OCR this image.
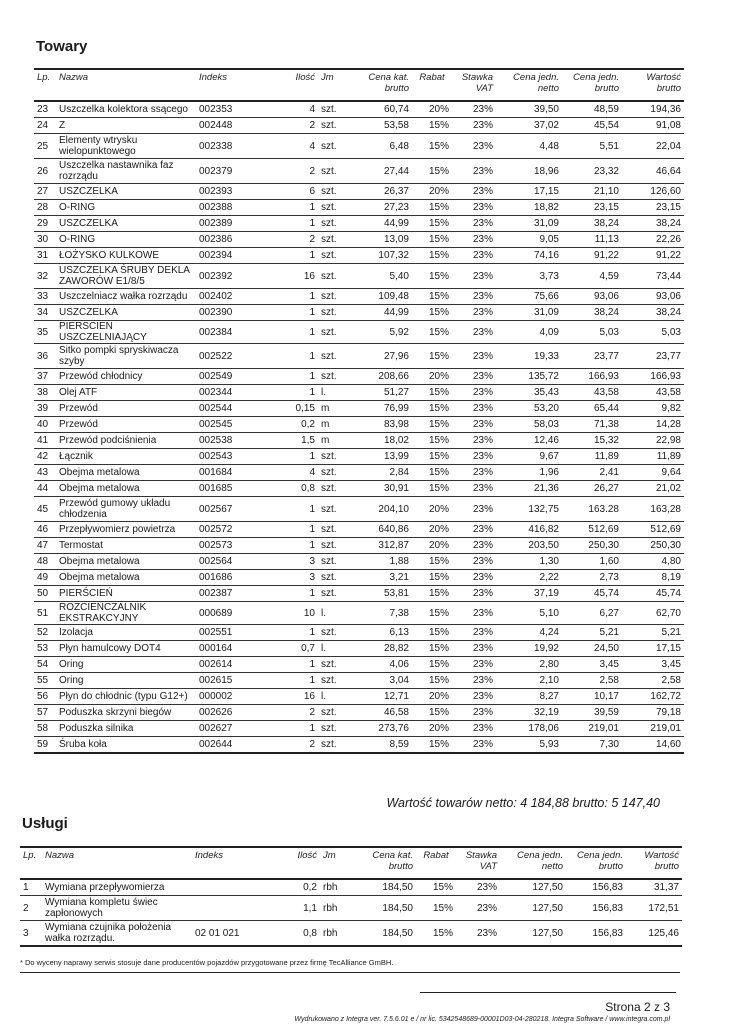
Towary
Lp.	Nazwa	Indeks	Ilość	Jm	Cena kat. brutto	Rabat	Stawka VAT	Cena jedn. netto	Cena jedn. brutto	Wartość brutto
23	Uszczelka kolektora ssącego	002353	4	szt.	60,74	20%	23%	39,50	48,59	194,36
24	Z	002448	2	szt.	53,58	15%	23%	37,02	45,54	91,08
25	Elementy wtrysku wielopunktowego	002338	4	szt.	6,48	15%	23%	4,48	5,51	22,04
26	Uszczelka nastawnika faz rozrządu	002379	2	szt.	27,44	15%	23%	18,96	23,32	46,64
27	USZCZELKA	002393	6	szt.	26,37	20%	23%	17,15	21,10	126,60
28	O-RING	002388	1	szt.	27,23	15%	23%	18,82	23,15	23,15
29	USZCZELKA	002389	1	szt.	44,99	15%	23%	31,09	38,24	38,24
30	O-RING	002386	2	szt.	13,09	15%	23%	9,05	11,13	22,26
31	ŁOŻYSKO KULKOWE	002394	1	szt.	107,32	15%	23%	74,16	91,22	91,22
32	USZCZELKA ŚRUBY DEKLA ZAWORÓW E1/8/5	002392	16	szt.	5,40	15%	23%	3,73	4,59	73,44
33	Uszczelniacz wałka rozrządu	002402	1	szt.	109,48	15%	23%	75,66	93,06	93,06
34	USZCZELKA	002390	1	szt.	44,99	15%	23%	31,09	38,24	38,24
35	PIERSCIEŃ USZCZELNIAJĄCY	002384	1	szt.	5,92	15%	23%	4,09	5,03	5,03
36	Sitko pompki spryskiwacza szyby	002522	1	szt.	27,96	15%	23%	19,33	23,77	23,77
37	Przewód chłodnicy	002549	1	szt.	208,66	20%	23%	135,72	166,93	166,93
38	Olej ATF	002344	1	l.	51,27	15%	23%	35,43	43,58	43,58
39	Przewód	002544	0,15	m	76,99	15%	23%	53,20	65,44	9,82
40	Przewód	002545	0,2	m	83,98	15%	23%	58,03	71,38	14,28
41	Przewód podciśnienia	002538	1,5	m	18,02	15%	23%	12,46	15,32	22,98
42	Łącznik	002543	1	szt.	13,99	15%	23%	9,67	11,89	11,89
43	Obejma metalowa	001684	4	szt.	2,84	15%	23%	1,96	2,41	9,64
44	Obejma metalowa	001685	0,8	szt.	30,91	15%	23%	21,36	26,27	21,02
45	Przewód gumowy układu chłodzenia	002567	1	szt.	204,10	20%	23%	132,75	163.28	163,28
46	Przepływomierz powietrza	002572	1	szt.	640,86	20%	23%	416,82	512,69	512,69
47	Termostat	002573	1	szt.	312,87	20%	23%	203,50	250,30	250,30
48	Obejma metalowa	002564	3	szt.	1,88	15%	23%	1,30	1,60	4,80
49	Obejma metalowa	001686	3	szt.	3,21	15%	23%	2,22	2,73	8,19
50	PIERŚCIEŃ	002387	1	szt.	53,81	15%	23%	37,19	45,74	45,74
51	ROZCIEŃCZALNIK EKSTRAKCYJNY	000689	10	l.	7,38	15%	23%	5,10	6,27	62,70
52	Izolacja	002551	1	szt.	6,13	15%	23%	4,24	5,21	5,21
53	Płyn hamulcowy DOT4	000164	0,7	l.	28,82	15%	23%	19,92	24,50	17,15
54	Oring	002614	1	szt.	4,06	15%	23%	2,80	3,45	3,45
55	Oring	002615	1	szt.	3,04	15%	23%	2,10	2,58	2,58
56	Płyn do chłodnic (typu G12+)	000002	16	l.	12,71	20%	23%	8,27	10,17	162,72
57	Poduszka skrzyni biegów	002626	2	szt.	46,58	15%	23%	32,19	39,59	79,18
58	Poduszka silnika	002627	1	szt.	273,76	20%	23%	178,06	219,01	219,01
59	Śruba koła	002644	2	szt.	8,59	15%	23%	5,93	7,30	14,60
Wartość towarów netto: 4 184,88 brutto: 5 147,40
Usługi
Lp.	Nazwa	Indeks	Ilość	Jm	Cena kat. brutto	Rabat	Stawka VAT	Cena jedn. netto	Cena jedn. brutto	Wartość brutto
1	Wymiana przepływomierza		0,2	rbh	184,50	15%	23%	127,50	156,83	31,37
2	Wymiana kompletu świec zapłonowych		1,1	rbh	184,50	15%	23%	127,50	156,83	172,51
3	Wymiana czujnika położenia wałka rozrządu.	02 01 021	0,8	rbh	184,50	15%	23%	127,50	156,83	125,46
* Do wyceny naprawy serwis stosuje dane producentów pojazdów przygotowane przez firmę TecAlliance GmBH.
Strona 2 z 3
Wydrukowano z Integra ver. 7.5.6.01 e / nr lic. 5342548689-00001D03-04-280218. Integra Software / www.integra.com.pl
